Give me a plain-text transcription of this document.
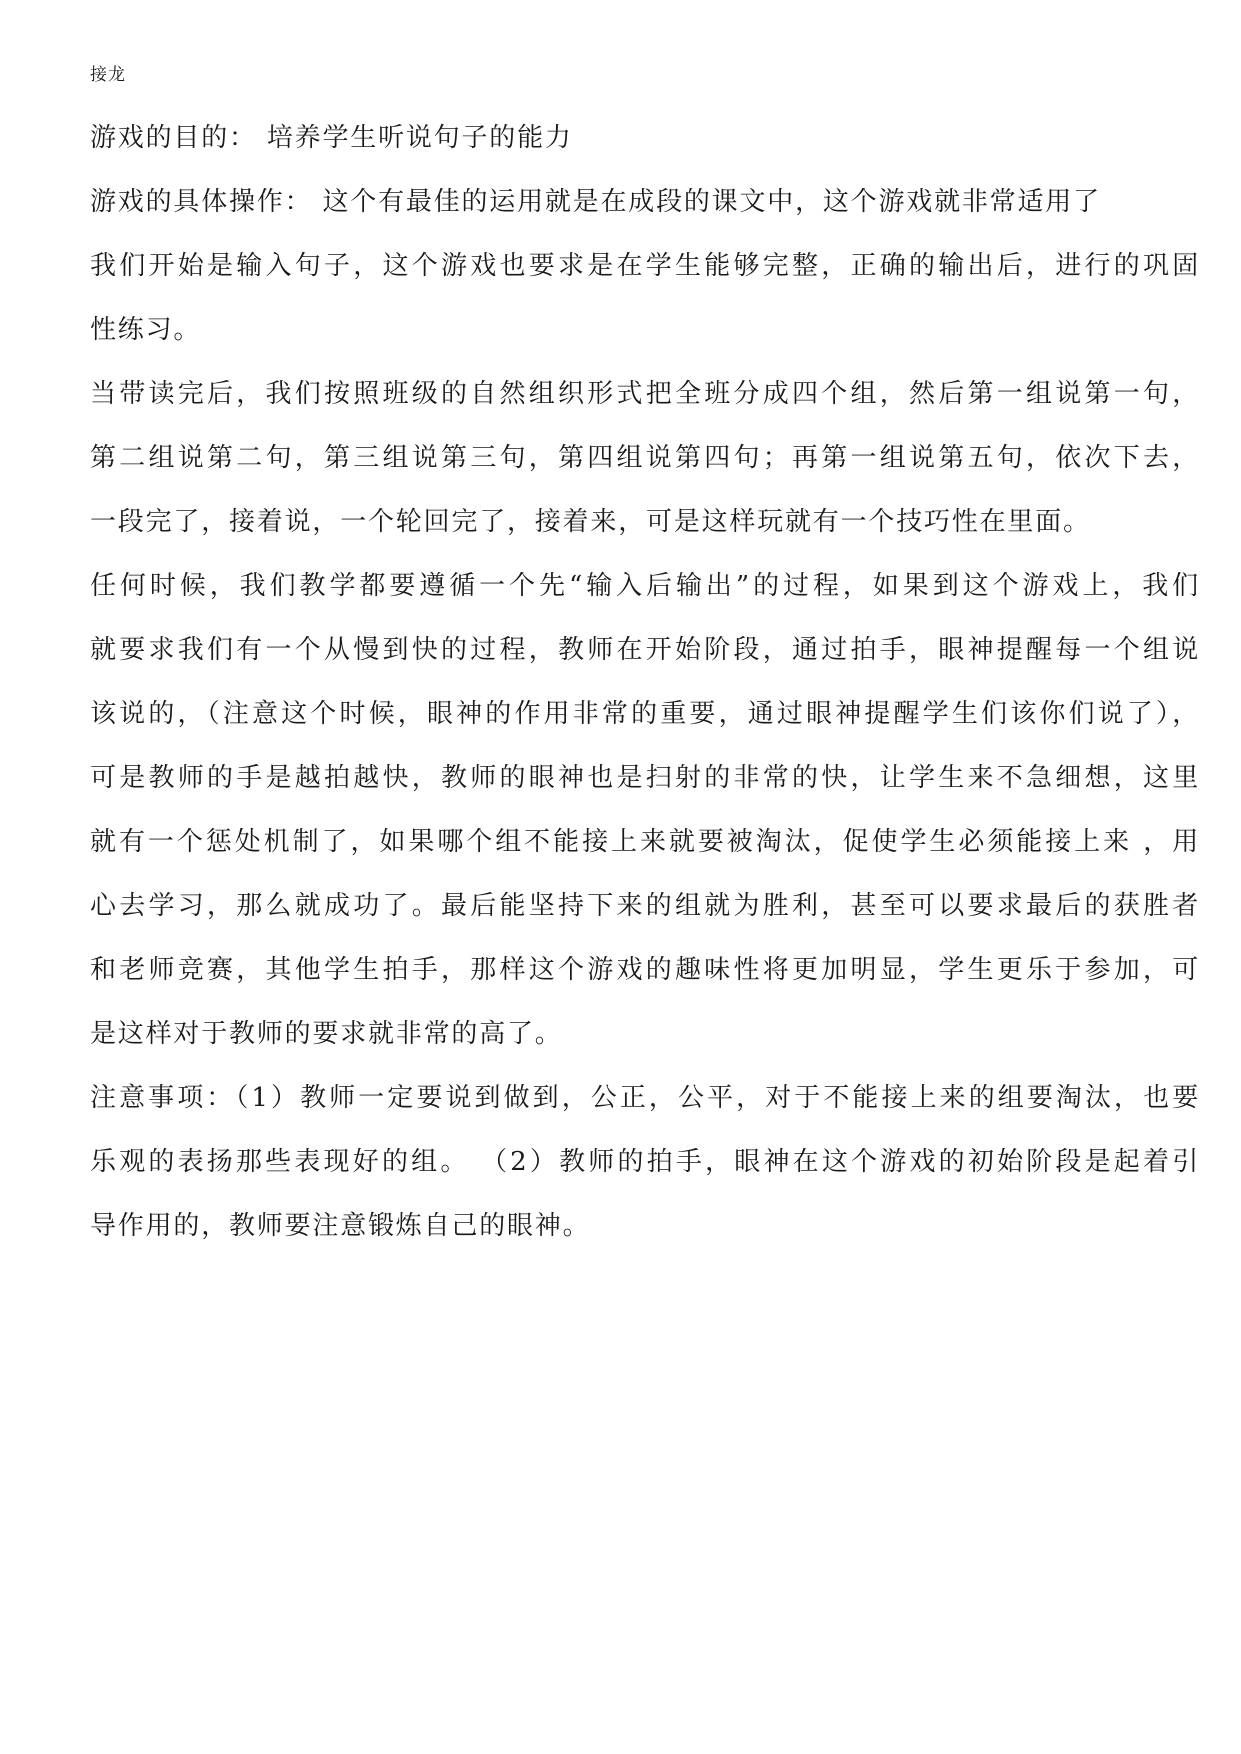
接龙
游戏的目的： 培养学生听说句子的能力
游戏的具体操作： 这个有最佳的运用就是在成段的课文中，这个游戏就非常适用了
我们开始是输入句子，这个游戏也要求是在学生能够完整，正确的输出后，进行的巩固
性练习。
当带读完后，我们按照班级的自然组织形式把全班分成四个组，然后第一组说第一句，
第二组说第二句，第三组说第三句，第四组说第四句；再第一组说第五句，依次下去，
一段完了，接着说，一个轮回完了，接着来，可是这样玩就有一个技巧性在里面。
任何时候，我们教学都要遵循一个先“输入后输出”的过程，如果到这个游戏上，我们
就要求我们有一个从慢到快的过程，教师在开始阶段，通过拍手，眼神提醒每一个组说
该说的，（注意这个时候，眼神的作用非常的重要，通过眼神提醒学生们该你们说了），
可是教师的手是越拍越快，教师的眼神也是扫射的非常的快，让学生来不急细想，这里
就有一个惩处机制了，如果哪个组不能接上来就要被淘汰，促使学生必须能接上来 ，用
心去学习，那么就成功了。最后能坚持下来的组就为胜利，甚至可以要求最后的获胜者
和老师竞赛，其他学生拍手，那样这个游戏的趣味性将更加明显，学生更乐于参加，可
是这样对于教师的要求就非常的高了。
注意事项：（1）教师一定要说到做到，公正，公平，对于不能接上来的组要淘汰，也要
乐观的表扬那些表现好的组。 （2）教师的拍手，眼神在这个游戏的初始阶段是起着引
导作用的，教师要注意锻炼自己的眼神。
